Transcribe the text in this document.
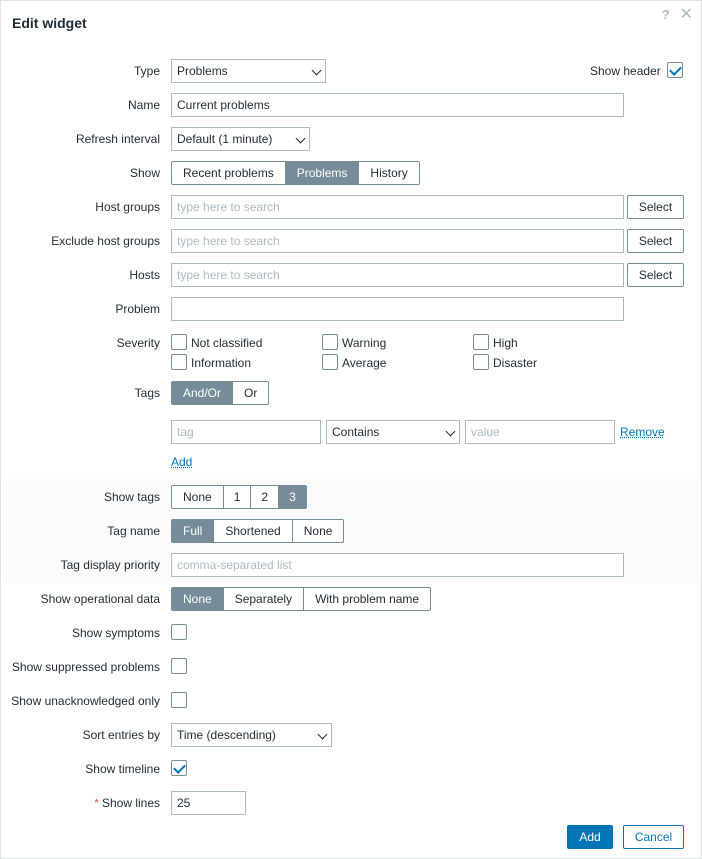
Edit widget
? ✕
Type	Problems	Show header
Name	Current problems
Refresh interval	Default (1 minute)
Show	Recent problems	Problems	History
Host groups	type here to search	Select
Exclude host groups	type here to search	Select
Hosts	type here to search	Select
Problem
Severity	Not classified	Warning	High
Information	Average	Disaster
Tags	And/Or	Or
tag	Contains	value	Remove
Add
Show tags	None	1	2	3
Tag name	Full	Shortened	None
Tag display priority	comma-separated list
Show operational data	None	Separately	With problem name
Show symptoms
Show suppressed problems
Show unacknowledged only
Sort entries by	Time (descending)
Show timeline
* Show lines	25
Add	Cancel
